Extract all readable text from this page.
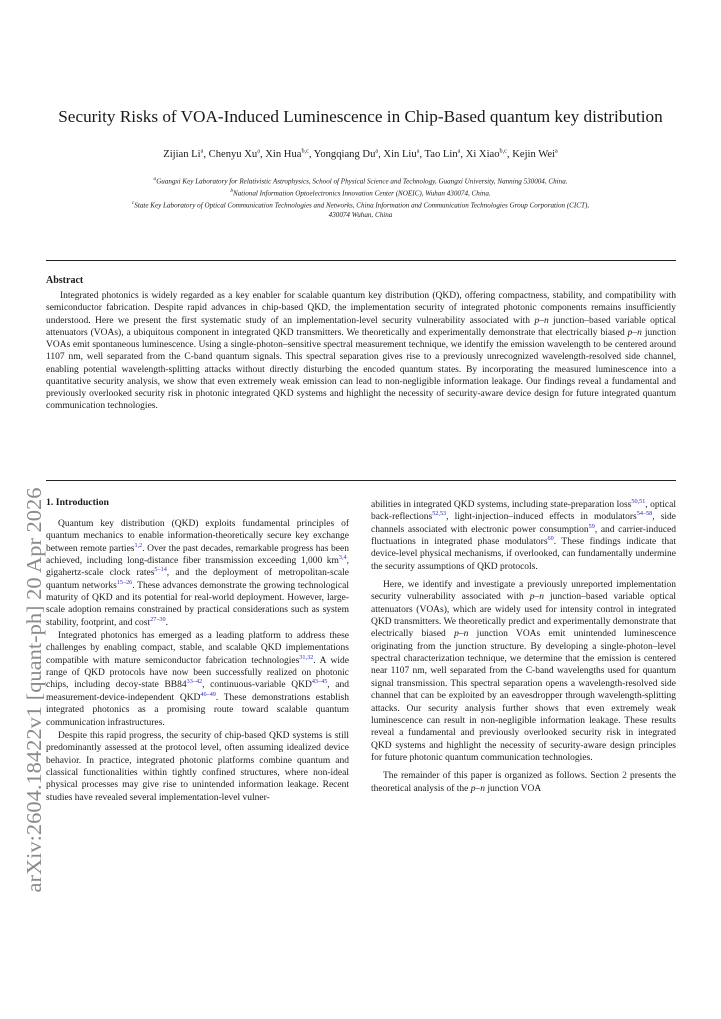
arXiv:2604.18422v1 [quant-ph] 20 Apr 2026
Security Risks of VOA-Induced Luminescence in Chip-Based quantum key distribution
Zijian Li$^a$, Chenyu Xu$^a$, Xin Hua$^{b,c}$, Yongqiang Du$^a$, Xin Liu$^a$, Tao Lin$^a$, Xi Xiao$^{b,c}$, Kejin Wei$^a$
$^a$Guangxi Key Laboratory for Relativistic Astrophysics, School of Physical Science and Technology, Guangxi University, Nanning 530004, China.
$^b$National Information Optoelectronics Innovation Center (NOEIC), Wuhan 430074, China.
$^c$State Key Laboratory of Optical Communication Technologies and Networks, China Information and Communication Technologies Group Corporation (CICT),
430074 Wuhan, China
Abstract
Integrated photonics is widely regarded as a key enabler for scalable quantum key distribution (QKD), offering compactness, stability, and compatibility with semiconductor fabrication. Despite rapid advances in chip-based QKD, the implementation security of integrated photonic components remains insufficiently understood. Here we present the first systematic study of an implementation-level security vulnerability associated with p–n junction–based variable optical attenuators (VOAs), a ubiquitous component in integrated QKD transmitters. We theoretically and experimentally demonstrate that electrically biased p–n junction VOAs emit spontaneous luminescence. Using a single-photon–sensitive spectral measurement technique, we identify the emission wavelength to be centered around 1107 nm, well separated from the C-band quantum signals. This spectral separation gives rise to a previously unrecognized wavelength-resolved side channel, enabling potential wavelength-splitting attacks without directly disturbing the encoded quantum states. By incorporating the measured luminescence into a quantitative security analysis, we show that even extremely weak emission can lead to non-negligible information leakage. Our findings reveal a fundamental and previously overlooked security risk in photonic integrated QKD systems and highlight the necessity of security-aware device design for future integrated quantum communication technologies.
1. Introduction

Quantum key distribution (QKD) exploits fundamental principles of quantum mechanics to enable information-theoretically secure key exchange between remote parties$^{1,2}$. Over the past decades, remarkable progress has been achieved, including long-distance fiber transmission exceeding 1,000 km$^{3,4}$, gigahertz-scale clock rates$^{5-14}$, and the deployment of metropolitan-scale quantum networks$^{15-26}$. These advances demonstrate the growing technological maturity of QKD and its potential for real-world deployment. However, large-scale adoption remains constrained by practical considerations such as system stability, footprint, and cost$^{27-30}$.

Integrated photonics has emerged as a leading platform to address these challenges by enabling compact, stable, and scalable QKD implementations compatible with mature semiconductor fabrication technologies$^{31,32}$. A wide range of QKD protocols have now been successfully realized on photonic chips, including decoy-state BB84$^{33-42}$, continuous-variable QKD$^{43-45}$, and measurement-device-independent QKD$^{46-49}$. These demonstrations establish integrated photonics as a promising route toward scalable quantum communication infrastructures.

Despite this rapid progress, the security of chip-based QKD systems is still predominantly assessed at the protocol level, often assuming idealized device behavior. In practice, integrated photonic platforms combine quantum and classical functionalities within tightly confined structures, where non-ideal physical processes may give rise to unintended information leakage. Recent studies have revealed several implementation-level vulner-

abilities in integrated QKD systems, including state-preparation loss$^{50,51}$, optical back-reflections$^{52,53}$, light-injection–induced effects in modulators$^{54-58}$, side channels associated with electronic power consumption$^{59}$, and carrier-induced fluctuations in integrated phase modulators$^{60}$. These findings indicate that device-level physical mechanisms, if overlooked, can fundamentally undermine the security assumptions of QKD protocols.

Here, we identify and investigate a previously unreported implementation security vulnerability associated with p–n junction–based variable optical attenuators (VOAs), which are widely used for intensity control in integrated QKD transmitters. We theoretically predict and experimentally demonstrate that electrically biased p–n junction VOAs emit unintended luminescence originating from the junction structure. By developing a single-photon–level spectral characterization technique, we determine that the emission is centered near 1107 nm, well separated from the C-band wavelengths used for quantum signal transmission. This spectral separation opens a wavelength-resolved side channel that can be exploited by an eavesdropper through wavelength-splitting attacks. Our security analysis further shows that even extremely weak luminescence can result in non-negligible information leakage. These results reveal a fundamental and previously overlooked security risk in integrated QKD systems and highlight the necessity of security-aware design principles for future photonic quantum communication technologies.

The remainder of this paper is organized as follows. Section 2 presents the theoretical analysis of the p–n junction VOA
